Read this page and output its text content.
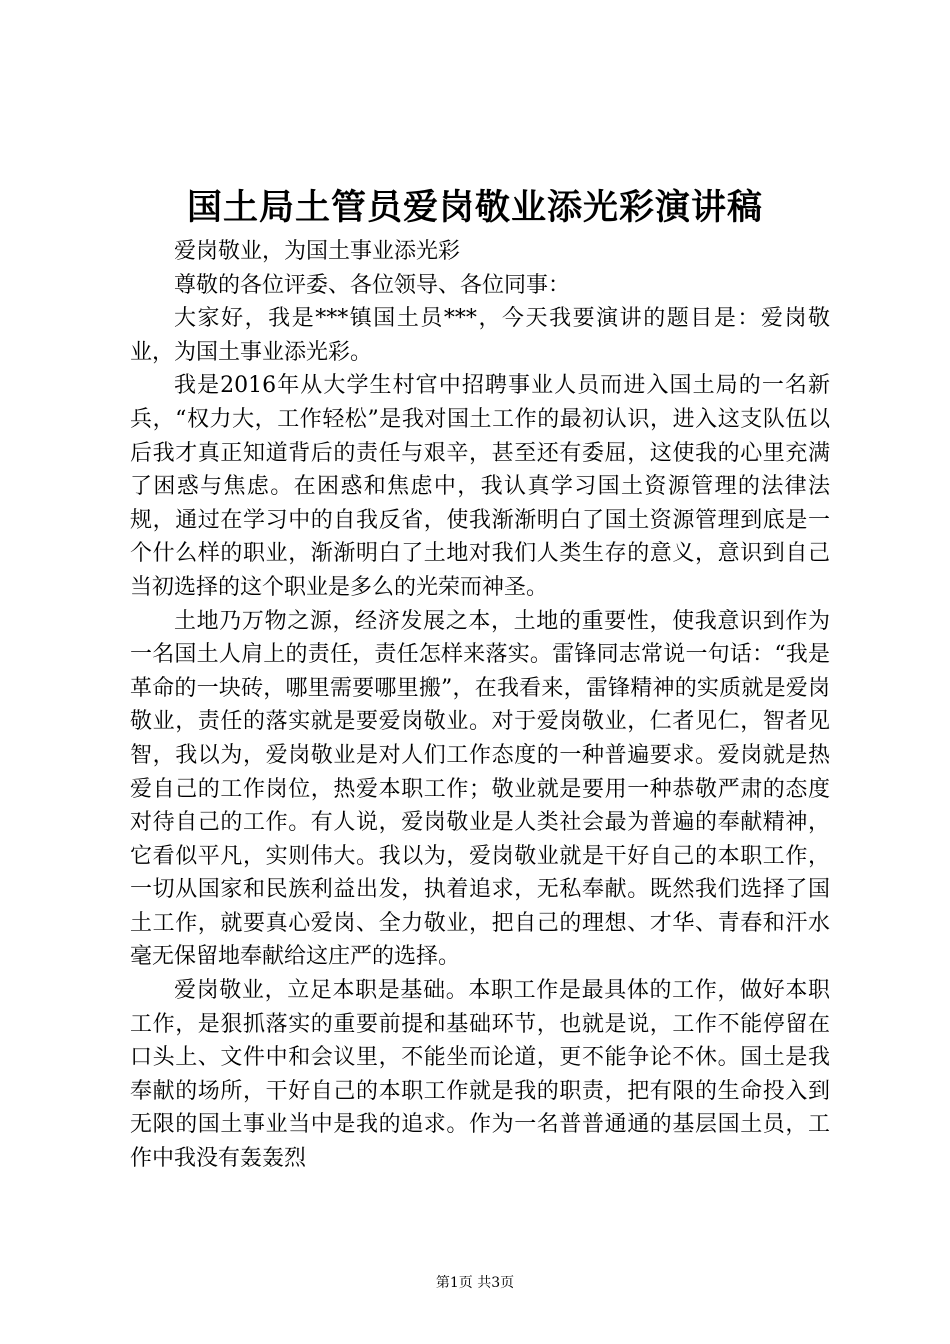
国土局土管员爱岗敬业添光彩演讲稿

爱岗敬业，为国土事业添光彩

尊敬的各位评委、各位领导、各位同事：

大家好，我是***镇国土员***，今天我要演讲的题目是：爱岗敬业，为国土事业添光彩。

我是2016年从大学生村官中招聘事业人员而进入国土局的一名新兵，“权力大，工作轻松”是我对国土工作的最初认识，进入这支队伍以后我才真正知道背后的责任与艰辛，甚至还有委屈，这使我的心里充满了困惑与焦虑。在困惑和焦虑中，我认真学习国土资源管理的法律法规，通过在学习中的自我反省，使我渐渐明白了国土资源管理到底是一个什么样的职业，渐渐明白了土地对我们人类生存的意义，意识到自己当初选择的这个职业是多么的光荣而神圣。

土地乃万物之源，经济发展之本，土地的重要性，使我意识到作为一名国土人肩上的责任，责任怎样来落实。雷锋同志常说一句话：“我是革命的一块砖，哪里需要哪里搬”，在我看来，雷锋精神的实质就是爱岗敬业，责任的落实就是要爱岗敬业。对于爱岗敬业，仁者见仁，智者见智，我以为，爱岗敬业是对人们工作态度的一种普遍要求。爱岗就是热爱自己的工作岗位，热爱本职工作；敬业就是要用一种恭敬严肃的态度对待自己的工作。有人说，爱岗敬业是人类社会最为普遍的奉献精神，它看似平凡，实则伟大。我以为，爱岗敬业就是干好自己的本职工作，一切从国家和民族利益出发，执着追求，无私奉献。既然我们选择了国土工作，就要真心爱岗、全力敬业，把自己的理想、才华、青春和汗水毫无保留地奉献给这庄严的选择。

爱岗敬业，立足本职是基础。本职工作是最具体的工作，做好本职工作，是狠抓落实的重要前提和基础环节，也就是说，工作不能停留在口头上、文件中和会议里，不能坐而论道，更不能争论不休。国土是我奉献的场所，干好自己的本职工作就是我的职责，把有限的生命投入到无限的国土事业当中是我的追求。作为一名普普通通的基层国土员，工作中我没有轰轰烈

第1页 共3页
